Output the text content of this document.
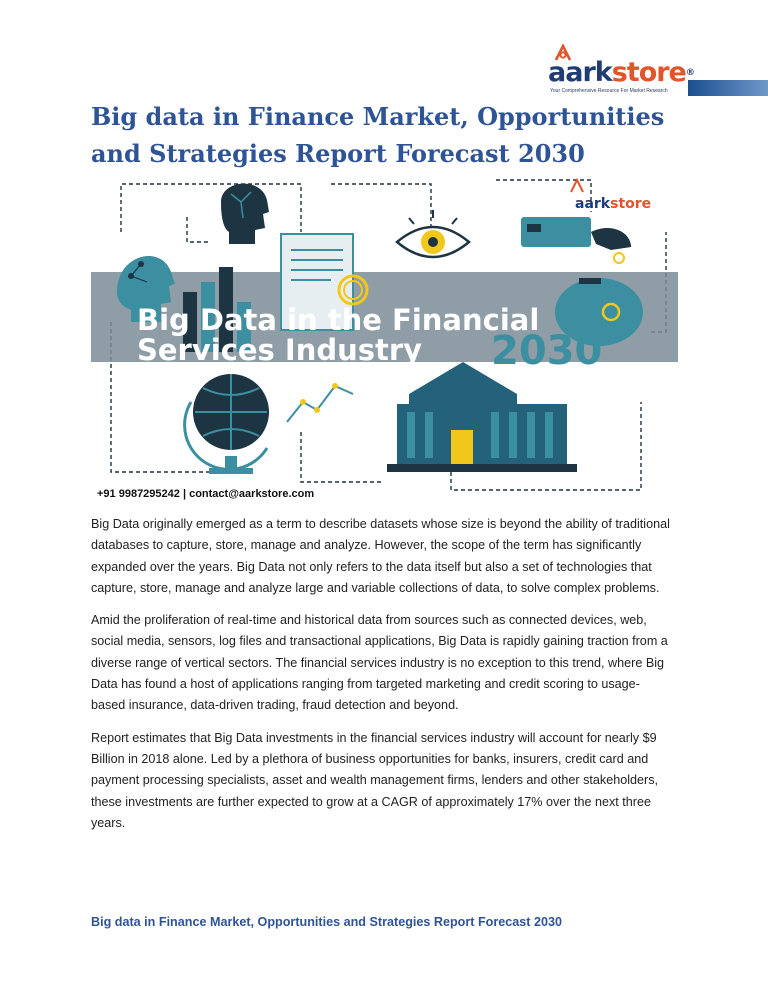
aarkstore®
Your Comprehensive Resource For Market Research
Big data in Finance Market, Opportunities and Strategies Report Forecast 2030
Big Data in the Financial
Services Industry 2030
aarkstore
+91 9987295242 | contact@aarkstore.com

Big Data originally emerged as a term to describe datasets whose size is beyond the ability of traditional databases to capture, store, manage and analyze. However, the scope of the term has significantly expanded over the years. Big Data not only refers to the data itself but also a set of technologies that capture, store, manage and analyze large and variable collections of data, to solve complex problems.

Amid the proliferation of real-time and historical data from sources such as connected devices, web, social media, sensors, log files and transactional applications, Big Data is rapidly gaining traction from a diverse range of vertical sectors. The financial services industry is no exception to this trend, where Big Data has found a host of applications ranging from targeted marketing and credit scoring to usage-based insurance, data-driven trading, fraud detection and beyond.

Report estimates that Big Data investments in the financial services industry will account for nearly $9 Billion in 2018 alone. Led by a plethora of business opportunities for banks, insurers, credit card and payment processing specialists, asset and wealth management firms, lenders and other stakeholders, these investments are further expected to grow at a CAGR of approximately 17% over the next three years.

Big data in Finance Market, Opportunities and Strategies Report Forecast 2030
